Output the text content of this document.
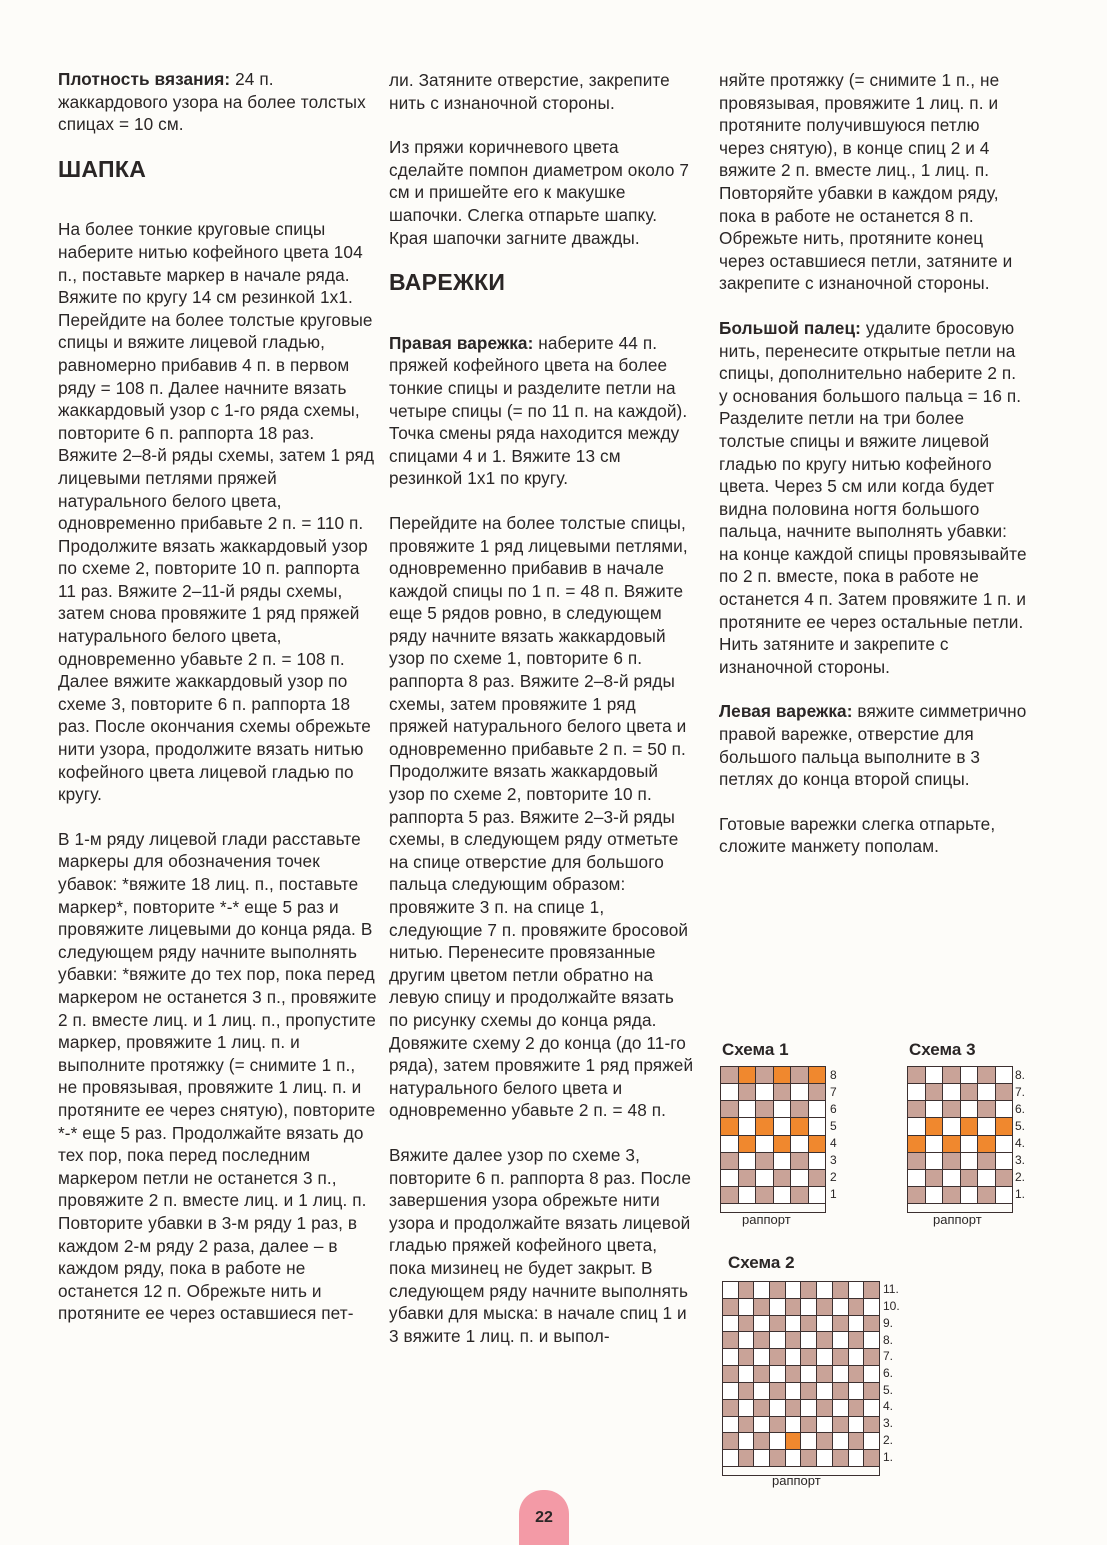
Плотность вязания: 24 п. жаккардового узора на более толстых спицах = 10 см.

ШАПКА

На более тонкие круговые спицы наберите нитью кофейного цвета 104 п., поставьте маркер в начале ряда. Вяжите по кругу 14 см резинкой 1x1. Перейдите на более толстые круговые спицы и вяжите лицевой гладью, равномерно прибавив 4 п. в первом ряду = 108 п. Далее начните вязать жаккардовый узор с 1-го ряда схемы, повторите 6 п. раппорта 18 раз. Вяжите 2–8-й ряды схемы, затем 1 ряд лицевыми петлями пряжей натурального белого цвета, одновременно прибавьте 2 п. = 110 п. Продолжите вязать жаккардовый узор по схеме 2, повторите 10 п. раппорта 11 раз. Вяжите 2–11-й ряды схемы, затем снова провяжите 1 ряд пряжей натурального белого цвета, одновременно убавьте 2 п. = 108 п. Далее вяжите жаккардовый узор по схеме 3, повторите 6 п. раппорта 18 раз. После окончания схемы обрежьте нити узора, продолжите вязать нитью кофейного цвета лицевой гладью по кругу.

В 1-м ряду лицевой глади расставьте маркеры для обозначения точек убавок: *вяжите 18 лиц. п., поставьте маркер*, повторите *-* еще 5 раз и провяжите лицевыми до конца ряда. В следующем ряду начните выполнять убавки: *вяжите до тех пор, пока перед маркером не останется 3 п., провяжите 2 п. вместе лиц. и 1 лиц. п., пропустите маркер, провяжите 1 лиц. п. и выполните протяжку (= снимите 1 п., не провязывая, провяжите 1 лиц. п. и протяните ее через снятую), повторите *-* еще 5 раз. Продолжайте вязать до тех пор, пока перед последним маркером петли не останется 3 п., провяжите 2 п. вместе лиц. и 1 лиц. п. Повторите убавки в 3-м ряду 1 раз, в каждом 2-м ряду 2 раза, далее – в каждом ряду, пока в работе не останется 12 п. Обрежьте нить и протяните ее через оставшиеся пет-

ли. Затяните отверстие, закрепите нить с изнаночной стороны.

Из пряжи коричневого цвета сделайте помпон диаметром около 7 см и пришейте его к макушке шапочки. Слегка отпарьте шапку. Края шапочки загните дважды.

ВАРЕЖКИ

Правая варежка: наберите 44 п. пряжей кофейного цвета на более тонкие спицы и разделите петли на четыре спицы (= по 11 п. на каждой). Точка смены ряда находится между спицами 4 и 1. Вяжите 13 см резинкой 1x1 по кругу.

Перейдите на более толстые спицы, провяжите 1 ряд лицевыми петлями, одновременно прибавив в начале каждой спицы по 1 п. = 48 п. Вяжите еще 5 рядов ровно, в следующем ряду начните вязать жаккардовый узор по схеме 1, повторите 6 п. раппорта 8 раз. Вяжите 2–8-й ряды схемы, затем провяжите 1 ряд пряжей натурального белого цвета и одновременно прибавьте 2 п. = 50 п. Продолжите вязать жаккардовый узор по схеме 2, повторите 10 п. раппорта 5 раз. Вяжите 2–3-й ряды схемы, в следующем ряду отметьте на спице отверстие для большого пальца следующим образом: провяжите 3 п. на спице 1, следующие 7 п. провяжите бросовой нитью. Перенесите провязанные другим цветом петли обратно на левую спицу и продолжайте вязать по рисунку схемы до конца ряда. Довяжите схему 2 до конца (до 11-го ряда), затем провяжите 1 ряд пряжей натурального белого цвета и одновременно убавьте 2 п. = 48 п.

Вяжите далее узор по схеме 3, повторите 6 п. раппорта 8 раз. После завершения узора обрежьте нити узора и продолжайте вязать лицевой гладью пряжей кофейного цвета, пока мизинец не будет закрыт. В следующем ряду начните выполнять убавки для мыска: в начале спиц 1 и 3 вяжите 1 лиц. п. и выпол-

няйте протяжку (= снимите 1 п., не провязывая, провяжите 1 лиц. п. и протяните получившуюся петлю через снятую), в конце спиц 2 и 4 вяжите 2 п. вместе лиц., 1 лиц. п. Повторяйте убавки в каждом ряду, пока в работе не останется 8 п. Обрежьте нить, протяните конец через оставшиеся петли, затяните и закрепите с изнаночной стороны.

Большой палец: удалите бросовую нить, перенесите открытые петли на спицы, дополнительно наберите 2 п. у основания большого пальца = 16 п. Разделите петли на три более толстые спицы и вяжите лицевой гладью по кругу нитью кофейного цвета. Через 5 см или когда будет видна половина ногтя большого пальца, начните выполнять убавки: на конце каждой спицы провязывайте по 2 п. вместе, пока в работе не останется 4 п. Затем провяжите 1 п. и протяните ее через остальные петли. Нить затяните и закрепите с изнаночной стороны.

Левая варежка: вяжите симметрично правой варежке, отверстие для большого пальца выполните в 3 петлях до конца второй спицы.

Готовые варежки слегка отпарьте, сложите манжету пополам.

Схема 1
1
2
3
4
5
6
7
8
раппорт
Схема 3
1.
2.
3.
4.
5.
6.
7.
8.
раппорт
Схема 2
1.
2.
3.
4.
5.
6.
7.
8.
9.
10.
11.
раппорт
22
